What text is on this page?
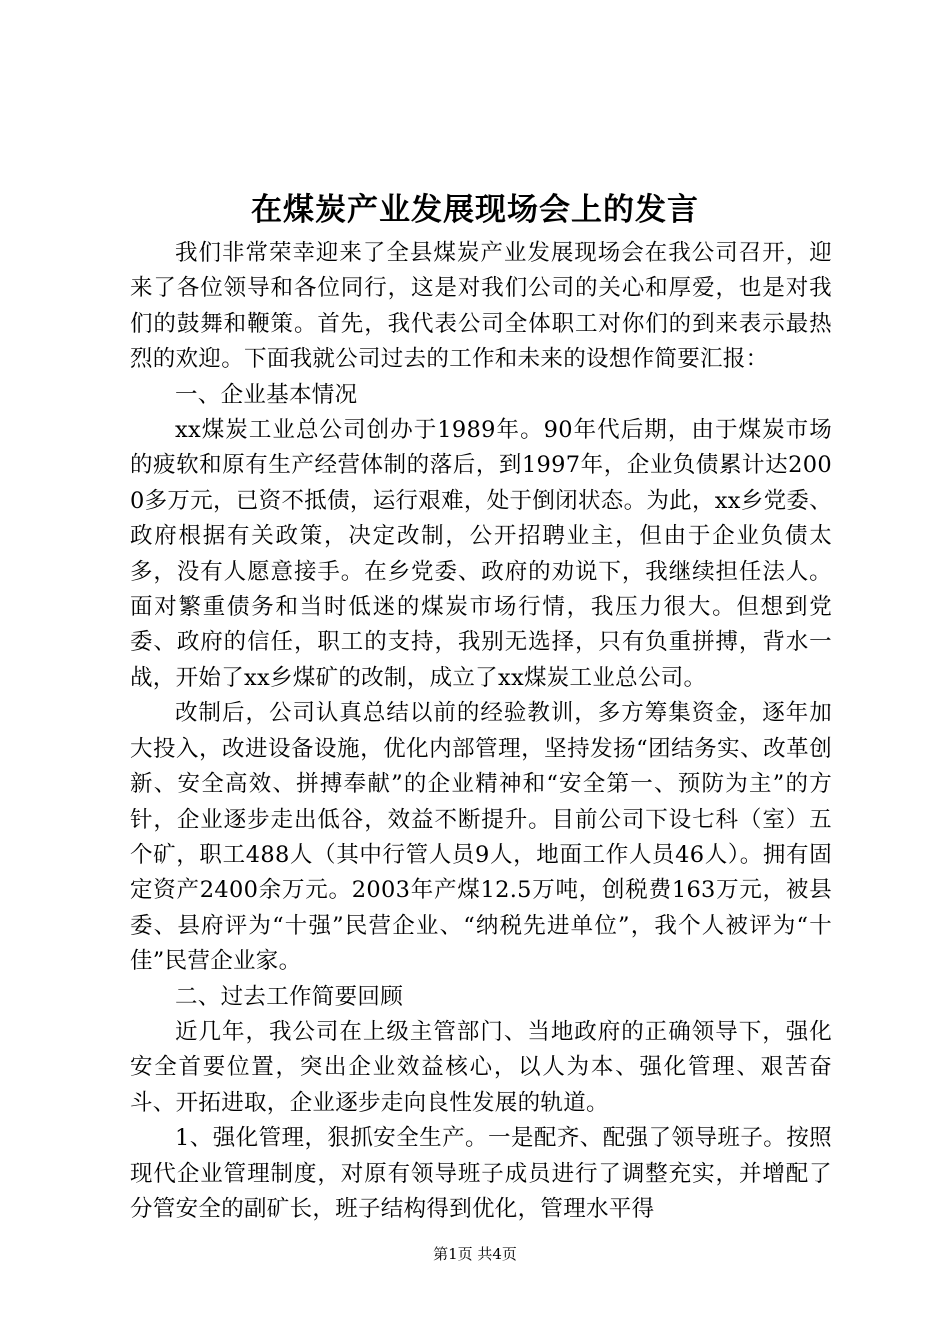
在煤炭产业发展现场会上的发言

我们非常荣幸迎来了全县煤炭产业发展现场会在我公司召开，迎来了各位领导和各位同行，这是对我们公司的关心和厚爱，也是对我们的鼓舞和鞭策。首先，我代表公司全体职工对你们的到来表示最热烈的欢迎。下面我就公司过去的工作和未来的设想作简要汇报：

一、企业基本情况

xx煤炭工业总公司创办于1989年。90年代后期，由于煤炭市场的疲软和原有生产经营体制的落后，到1997年，企业负债累计达2000多万元，已资不抵债，运行艰难，处于倒闭状态。为此，xx乡党委、政府根据有关政策，决定改制，公开招聘业主，但由于企业负债太多，没有人愿意接手。在乡党委、政府的劝说下，我继续担任法人。面对繁重债务和当时低迷的煤炭市场行情，我压力很大。但想到党委、政府的信任，职工的支持，我别无选择，只有负重拼搏，背水一战，开始了xx乡煤矿的改制，成立了xx煤炭工业总公司。

改制后，公司认真总结以前的经验教训，多方筹集资金，逐年加大投入，改进设备设施，优化内部管理，坚持发扬“团结务实、改革创新、安全高效、拼搏奉献”的企业精神和“安全第一、预防为主”的方针，企业逐步走出低谷，效益不断提升。目前公司下设七科（室）五个矿，职工488人（其中行管人员9人，地面工作人员46人）。拥有固定资产2400余万元。2003年产煤12.5万吨，创税费163万元，被县委、县府评为“十强”民营企业、“纳税先进单位”，我个人被评为“十佳”民营企业家。

二、过去工作简要回顾

近几年，我公司在上级主管部门、当地政府的正确领导下，强化安全首要位置，突出企业效益核心，以人为本、强化管理、艰苦奋斗、开拓进取，企业逐步走向良性发展的轨道。

1、强化管理，狠抓安全生产。一是配齐、配强了领导班子。按照现代企业管理制度，对原有领导班子成员进行了调整充实，并增配了分管安全的副矿长，班子结构得到优化，管理水平得

第1页 共4页
